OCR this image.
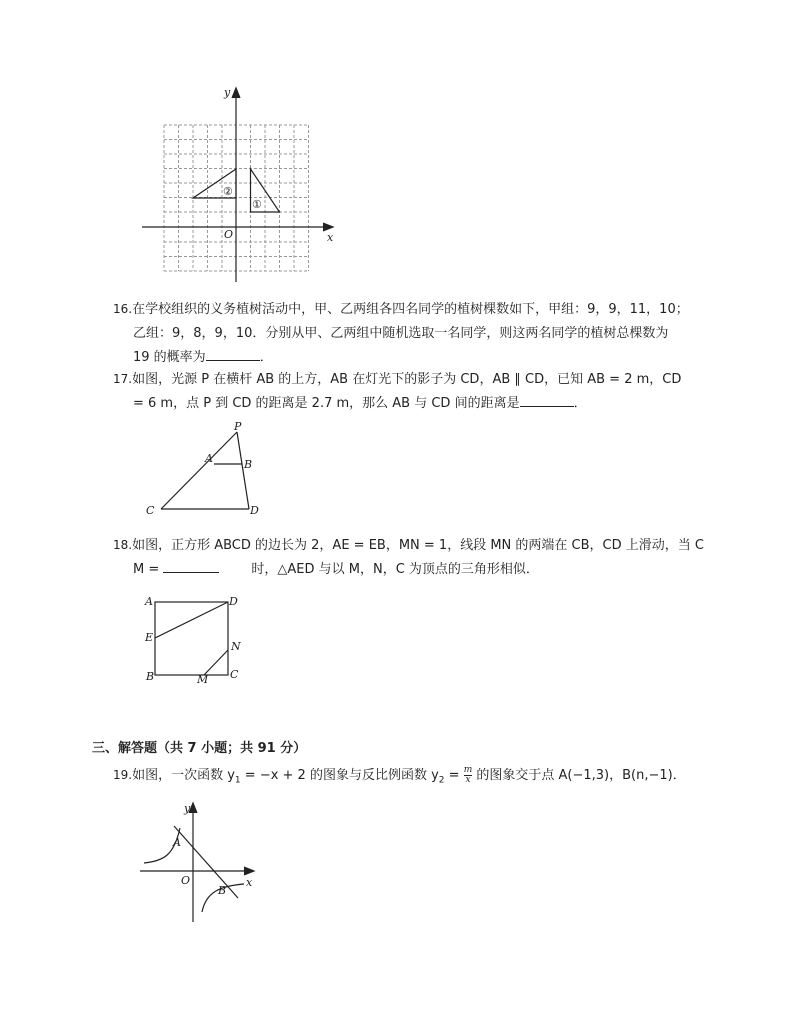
y
x
O
②
①
16.在学校组织的义务植树活动中，甲、乙两组各四名同学的植树棵数如下，甲组：9，9，11，10；
乙组：9，8，9，10．分别从甲、乙两组中随机选取一名同学，则这两名同学的植树总棵数为
19 的概率为	．
17.如图，光源 P 在横杆 AB 的上方，AB 在灯光下的影子为 CD，AB ∥ CD，已知 AB = 2 m，CD
= 6 m，点 P 到 CD 的距离是 2.7 m，那么 AB 与 CD 间的距离是	．
P
A	B
C	D
18.如图，正方形 ABCD 的边长为 2，AE = EB，MN = 1，线段 MN 的两端在 CB，CD 上滑动，当 C
M =	时，△AED 与以 M，N，C 为顶点的三角形相似．
A	D
E
N
B	M C
三、解答题（共 7 小题；共 91 分）
19.如图，一次函数 $y_1 = -x + 2$ 的图象与反比例函数 $y_2 = \frac{m}{x}$ 的图象交于点 A(−1,3)，B(n,−1)．
y
x
O
A
B
